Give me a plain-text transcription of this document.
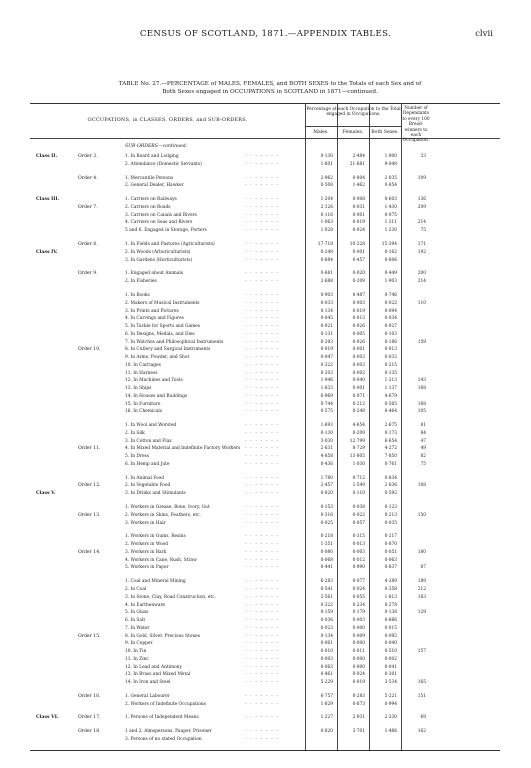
CENSUS OF SCOTLAND, 1871.—APPENDIX TABLES.	clvii
TABLE No. 27.—PERCENTAGE of MALES, FEMALES, and BOTH SEXES to the Totals of each Sex and of
Both Sexes engaged in OCCUPATIONS in SCOTLAND in 1871—continued.
OCCUPATIONS, in CLASSES, ORDERS, and SUB-ORDERS.
Percentage at each Occupation to the Total engaged in Occupations.
Males.	Females.	Both Sexes.
Number of Dependants to every 100 Bread-winners to each Occupation.
SUB-ORDERS—continued.
Class II.	Order 3.	1. In Board and Lodging	- - - - - - -	0·130	2·484	1·000	33
2. Attendance (Domestic Servants)	- - - - - - -	1·601	21·681	9·048
Order 4.	1. Mercantile Persons	- - - - - - -	2·962	0·804	2·035	109
2. General Dealer, Hawker	- - - - - - -	0·508	1·462	0·854
Class III.	1. Carriers on Railways	- - - - - - -	1·204	0·008	0·603	136
Order 7.	2. Carriers on Roads	- - - - - - -	2·126	0·031	1·430	209
3. Carriers on Canals and Rivers	- - - - - - -	0·116	0·001	0·075
4. Carriers on Seas and Rivers	- - - - - - -	1·063	0·019	1·311	214
5 and 6. Engaged in Storage, Porters	- - - - - - -	1·028	0·024	1·230	75
Order 8.	1. In Fields and Pastures (Agriculturists)	- - - - - - -	17·718	10·228	15·394	171
Class IV.	2. In Woods (Arboriculturists)	- - - - - - -	0·248	0·001	0·162	192
3. In Gardens (Horticulturists)	- - - - - - -	0·684	0·457	0·606
Order 9.	1. Engaged about Animals	- - - - - - -	0·681	0·020	0·449	200
2. In Fisheries	- - - - - - -	2·688	0·209	1·903	214
1. In Books	- - - - - - -	0·903	0·487	0·746
2. Makers of Musical Instruments	- - - - - - -	0·033	0·003	0·022	110
3. In Prints and Pictures	- - - - - - -	0·134	0·019	0·094
4. In Carvings and Figures	- - - - - - -	0·045	0·013	0·034
5. In Tackle for Sports and Games	- - - - - - -	0·021	0·026	0·027
6. In Designs, Medals, and Dies	- - - - - - -	0·131	0·005	0·103
7. In Watches and Philosophical Instruments	- - - - - - -	0·293	0·026	0·186	159
Order 10.	8. In Cutlery and Surgical Instruments	- - - - - - -	0·019	0·001	0·013
9. In Arms, Powder, and Shot	- - - - - - -	0·047	0·003	0·033
10. In Carriages	- - - - - - -	0·322	0·003	0·215
11. In Harness	- - - - - - -	0·203	0·002	0·135
12. In Machines and Tools	- - - - - - -	1·946	0·040	1·313	143
13. In Ships	- - - - - - -	1·633	0·001	1·137	168
14. In Houses and Buildings	- - - - - - -	6·969	0·071	4·679
15. In Furniture	- - - - - - -	0·744	0·212	0·565	168
16. In Chemicals	- - - - - - -	0·575	0·248	0·464	105
1. In Wool and Worsted	- - - - - - -	1·693	4·654	2·675	81
2. In Silk	- - - - - - -	0·130	0·209	0·173	84
3. In Cotton and Flax	- - - - - - -	3·030	12·799	6·654	47
Order 11.	4. In Mixed Material and Indefinite Factory Workers - - - - - - -	2·631	8·729	4·272	49
5. In Dress	- - - - - - -	4·858	13·805	7·850	82
6. In Hemp and Jute	- - - - - - -	0·436	1·030	0·761	75
1. In Animal Food	- - - - - - -	1·780	0·712	0·834
Order 12.	2. In Vegetable Food	- - - - - - -	2·457	1·549	2·836	108
Class V.	3. In Drinks and Stimulants	- - - - - - -	0·820	0·110	0·592
1. Workers in Grease, Bone, Ivory, Gut	- - - - - - -	0·153	0·038	0·123
Order 13.	2. Workers in Skins, Feathers, etc.	- - - - - - -	0·316	0·022	0·213	150
3. Workers in Hair	- - - - - - -	0·025	0·057	0·035
1. Workers in Gums, Resins	- - - - - - -	0·218	0·315	0·217
2. Workers in Wood	- - - - - - -	1·351	0·013	0·870
Order 14.	3. Workers in Bark	- - - - - - -	0·080	0·003	0·051	180
4. Workers in Cane, Rush, Straw	- - - - - - -	0·068	0·012	0·063
5. Workers in Paper	- - - - - - -	0·441	0·990	0·637	87
1. Coal and Mineral Mining	- - - - - - -	6·283	0·077	4·289	189
2. In Coal	- - - - - - -	0·541	0·024	0·358	212
3. In Stone, Clay, Road Construction, etc.	- - - - - - -	2·561	0·055	1·613	183
4. In Earthenware	- - - - - - -	0·322	0·234	0·278
5. In Glass	- - - - - - -	0·159	0·179	0·138	129
6. In Salt	- - - - - - -	0·036	0·003	0·666
7. In Water	- - - - - - -	0·023	0·000	0·015
Order 15.	8. In Gold, Silver, Precious Stones	- - - - - - -	0·134	0·009	0·092
9. In Copper	- - - - - - -	0·061	0·000	0·040
10. In Tin	- - - - - - -	0·010	0·011	0·510	157
11. In Zinc	- - - - - - -	0·003	0·000	0·002
12. In Lead and Antimony	- - - - - - -	0·063	0·000	0·041
13. In Brass and Mixed Metal	- - - - - - -	0·461	0·024	0·301
14. In Iron and Steel	- - - - - - -	5·229	0·019	3·534	165
Order 16.	1. General Labourer	- - - - - - -	6·757	0·283	5·221	151
2. Workers of Indefinite Occupations	- - - - - - -	1·629	0·673	0·994
Class VI.	Order 17.	1. Persons of Independent Means	- - - - - - -	1·227	2·931	2·330	69
Order 18.	1 and 2. Almspersons, Pauper, Prisoner	- - - - - - -	0·620	3·701	1·486	162
3. Persons of no stated Occupation	- - - - - - -
